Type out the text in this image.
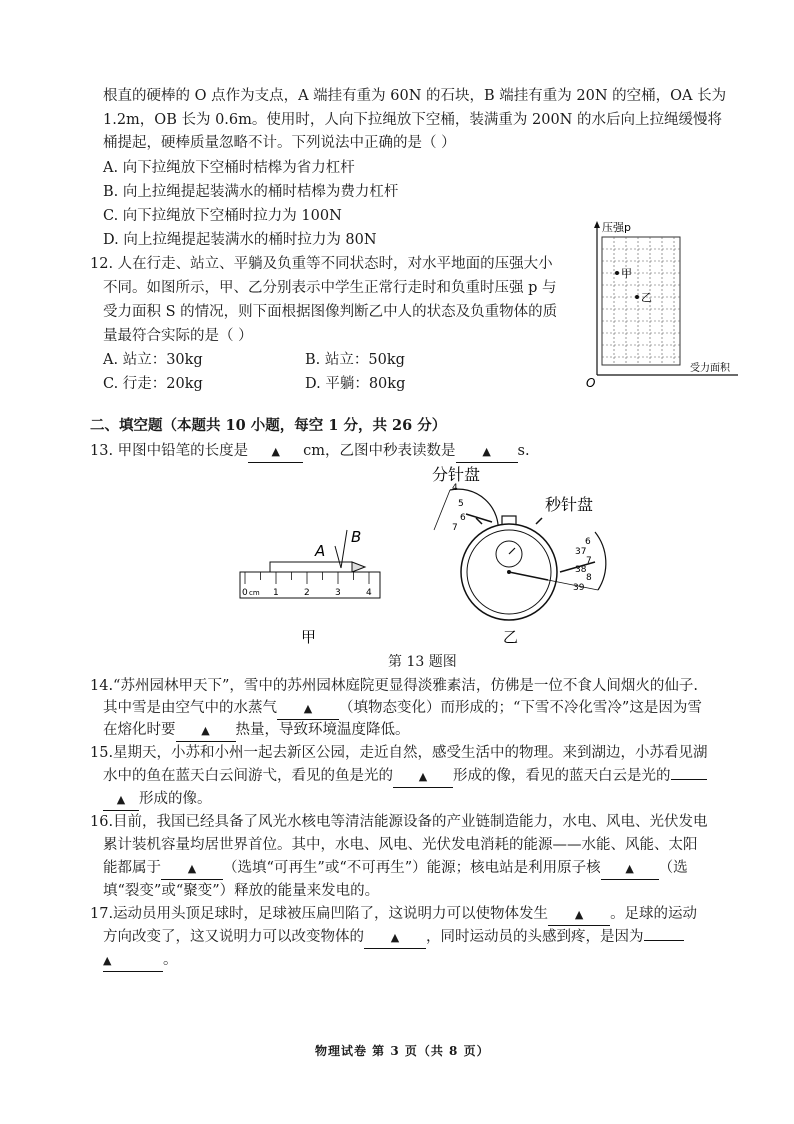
根直的硬棒的 O 点作为支点，A 端挂有重为 60N 的石块，B 端挂有重为 20N 的空桶，OA 长为
1.2m，OB 长为 0.6m。使用时，人向下拉绳放下空桶，装满重为 200N 的水后向上拉绳缓慢将
桶提起，硬棒质量忽略不计。下列说法中正确的是（ ）
A. 向下拉绳放下空桶时桔槔为省力杠杆
B. 向上拉绳提起装满水的桶时桔槔为费力杠杆
C. 向下拉绳放下空桶时拉力为 100N
D. 向上拉绳提起装满水的桶时拉力为 80N
12. 人在行走、站立、平躺及负重等不同状态时，对水平地面的压强大小
不同。如图所示，甲、乙分别表示中学生正常行走时和负重时压强 p 与
受力面积 S 的情况，则下面根据图像判断乙中人的状态及负重物体的质
量最符合实际的是（ ）
A. 站立：30kg	B. 站立：50kg
C. 行走：20kg	D. 平躺：80kg
压强p
甲
乙
O
受力面积
二、填空题（本题共 10 小题，每空 1 分，共 26 分）
13. 甲图中铅笔的长度是 ▲ cm，乙图中秒表读数是 ▲ s.
A
B
0	1	2	3	4
cm
甲
分针盘
秒针盘
4
5
6
7
6
37
7
38
8
39
乙
第 13 题图
14.“苏州园林甲天下”，雪中的苏州园林庭院更显得淡雅素洁，仿佛是一位不食人间烟火的仙子.
其中雪是由空气中的水蒸气 ▲ （填物态变化）而形成的；“下雪不冷化雪冷”这是因为雪
在熔化时要 ▲ 热量，导致环境温度降低。
15.星期天，小苏和小州一起去新区公园，走近自然，感受生活中的物理。来到湖边，小苏看见湖
水中的鱼在蓝天白云间游弋，看见的鱼是光的 ▲ 形成的像，看见的蓝天白云是光的
▲ 形成的像。
16.目前，我国已经具备了风光水核电等清洁能源设备的产业链制造能力，水电、风电、光伏发电
累计装机容量均居世界首位。其中，水电、风电、光伏发电消耗的能源——水能、风能、太阳
能都属于 ▲ （选填“可再生”或“不可再生”）能源；核电站是利用原子核 ▲ （选
填“裂变”或“聚变”）释放的能量来发电的。
17.运动员用头顶足球时，足球被压扁凹陷了，这说明力可以使物体发生 ▲ 。足球的运动
方向改变了，这又说明力可以改变物体的 ▲ ，同时运动员的头感到疼，是因为
▲	。
物理试卷 第 3 页（共 8 页）
